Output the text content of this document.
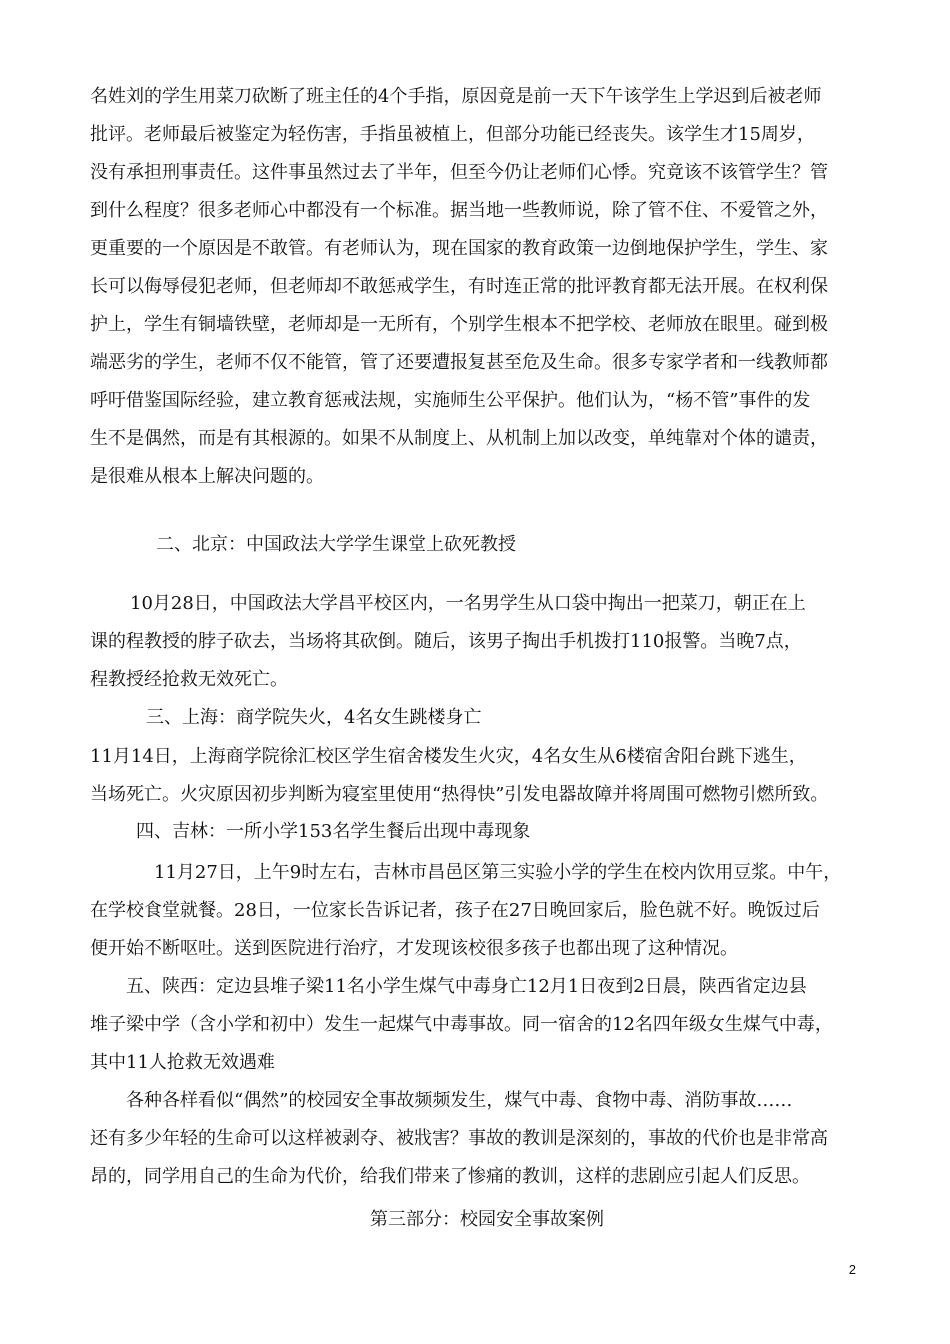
名姓刘的学生用菜刀砍断了班主任的4个手指，原因竟是前一天下午该学生上学迟到后被老师
批评。老师最后被鉴定为轻伤害，手指虽被植上，但部分功能已经丧失。该学生才15周岁，
没有承担刑事责任。这件事虽然过去了半年，但至今仍让老师们心悸。究竟该不该管学生？管
到什么程度？很多老师心中都没有一个标准。据当地一些教师说，除了管不住、不爱管之外，
更重要的一个原因是不敢管。有老师认为，现在国家的教育政策一边倒地保护学生，学生、家
长可以侮辱侵犯老师，但老师却不敢惩戒学生，有时连正常的批评教育都无法开展。在权利保
护上，学生有铜墙铁壁，老师却是一无所有，个别学生根本不把学校、老师放在眼里。碰到极
端恶劣的学生，老师不仅不能管，管了还要遭报复甚至危及生命。很多专家学者和一线教师都
呼吁借鉴国际经验，建立教育惩戒法规，实施师生公平保护。他们认为，“杨不管”事件的发
生不是偶然，而是有其根源的。如果不从制度上、从机制上加以改变，单纯靠对个体的谴责，
是很难从根本上解决问题的。
二、北京：中国政法大学学生课堂上砍死教授
10月28日，中国政法大学昌平校区内，一名男学生从口袋中掏出一把菜刀，朝正在上
课的程教授的脖子砍去，当场将其砍倒。随后，该男子掏出手机拨打110报警。当晚7点，
程教授经抢救无效死亡。
三、上海：商学院失火，4名女生跳楼身亡
11月14日，上海商学院徐汇校区学生宿舍楼发生火灾，4名女生从6楼宿舍阳台跳下逃生，
当场死亡。火灾原因初步判断为寝室里使用“热得快”引发电器故障并将周围可燃物引燃所致。
四、吉林：一所小学153名学生餐后出现中毒现象
11月27日，上午9时左右，吉林市昌邑区第三实验小学的学生在校内饮用豆浆。中午，
在学校食堂就餐。28日，一位家长告诉记者，孩子在27日晚回家后，脸色就不好。晚饭过后
便开始不断呕吐。送到医院进行治疗，才发现该校很多孩子也都出现了这种情况。
五、陕西：定边县堆子梁11名小学生煤气中毒身亡12月1日夜到2日晨，陕西省定边县
堆子梁中学（含小学和初中）发生一起煤气中毒事故。同一宿舍的12名四年级女生煤气中毒，
其中11人抢救无效遇难
各种各样看似“偶然”的校园安全事故频频发生，煤气中毒、食物中毒、消防事故……
还有多少年轻的生命可以这样被剥夺、被戕害？事故的教训是深刻的，事故的代价也是非常高
昂的，同学用自己的生命为代价，给我们带来了惨痛的教训，这样的悲剧应引起人们反思。
第三部分：校园安全事故案例
2
